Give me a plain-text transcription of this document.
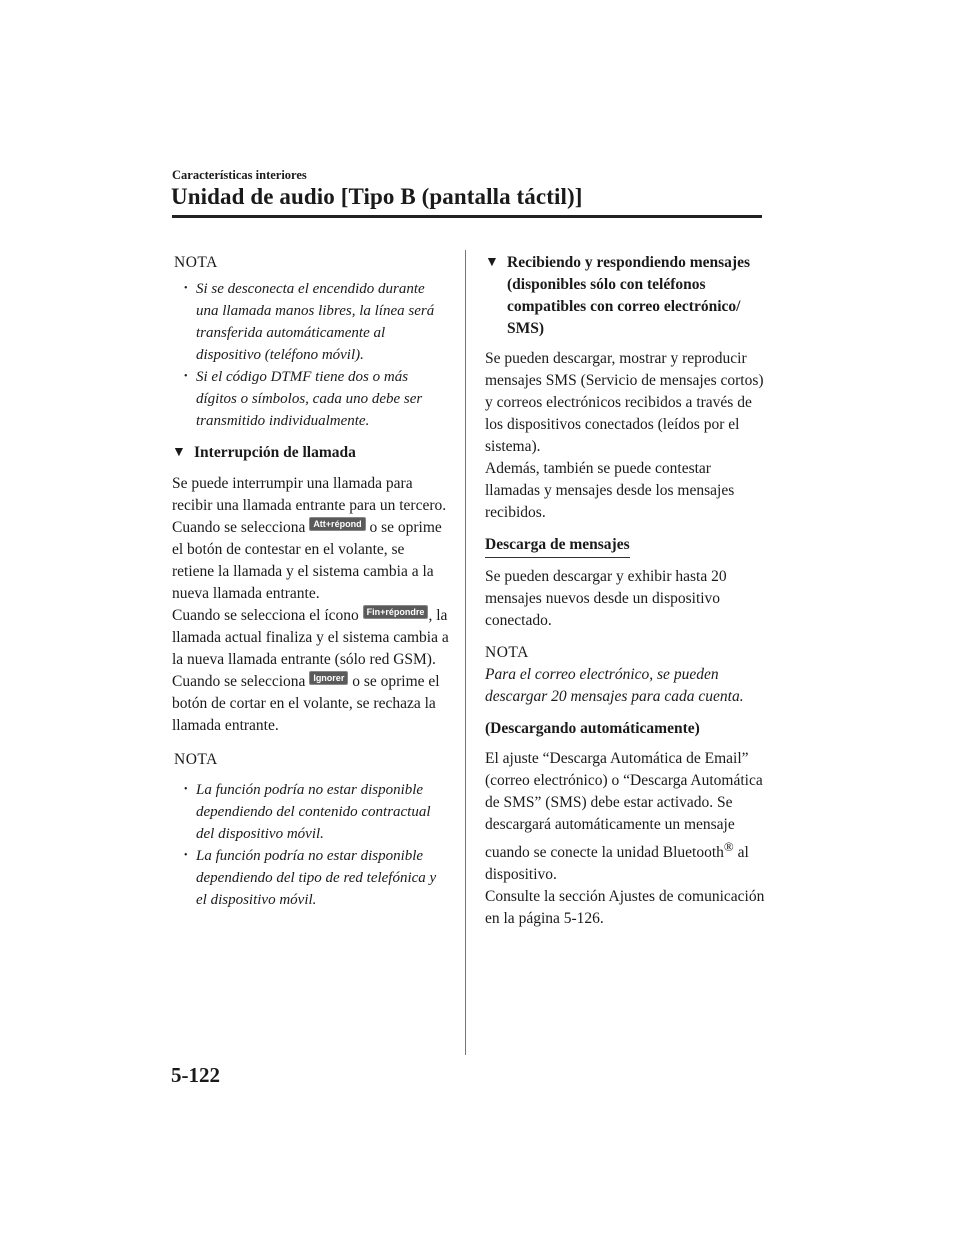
Características interiores
Unidad de audio [Tipo B (pantalla táctil)]
NOTA
• Si se desconecta el encendido durante una llamada manos libres, la línea será transferida automáticamente al dispositivo (teléfono móvil).
• Si el código DTMF tiene dos o más dígitos o símbolos, cada uno debe ser transmitido individualmente.
▼ Interrupción de llamada

Se puede interrumpir una llamada para recibir una llamada entrante para un tercero.

Cuando se selecciona Att+répond o se oprime el botón de contestar en el volante, se retiene la llamada y el sistema cambia a la nueva llamada entrante.

Cuando se selecciona el ícono Fin+répondre , la llamada actual finaliza y el sistema cambia a la nueva llamada entrante (sólo red GSM).

Cuando se selecciona Ignorer o se oprime el botón de cortar en el volante, se rechaza la llamada entrante.

NOTA
• La función podría no estar disponible dependiendo del contenido contractual del dispositivo móvil.
• La función podría no estar disponible dependiendo del tipo de red telefónica y el dispositivo móvil.
▼ Recibiendo y respondiendo mensajes (disponibles sólo con teléfonos compatibles con correo electrónico/ SMS)

Se pueden descargar, mostrar y reproducir mensajes SMS (Servicio de mensajes cortos) y correos electrónicos recibidos a través de los dispositivos conectados (leídos por el sistema).

Además, también se puede contestar llamadas y mensajes desde los mensajes recibidos.

Descarga de mensajes

Se pueden descargar y exhibir hasta 20 mensajes nuevos desde un dispositivo conectado.

NOTA

Para el correo electrónico, se pueden descargar 20 mensajes para cada cuenta.

(Descargando automáticamente)

El ajuste “Descarga Automática de Email” (correo electrónico) o “Descarga Automática de SMS” (SMS) debe estar activado. Se descargará automáticamente un mensaje cuando se conecte la unidad Bluetooth® al dispositivo.

Consulte la sección Ajustes de comunicación en la página 5-126.

5-122
